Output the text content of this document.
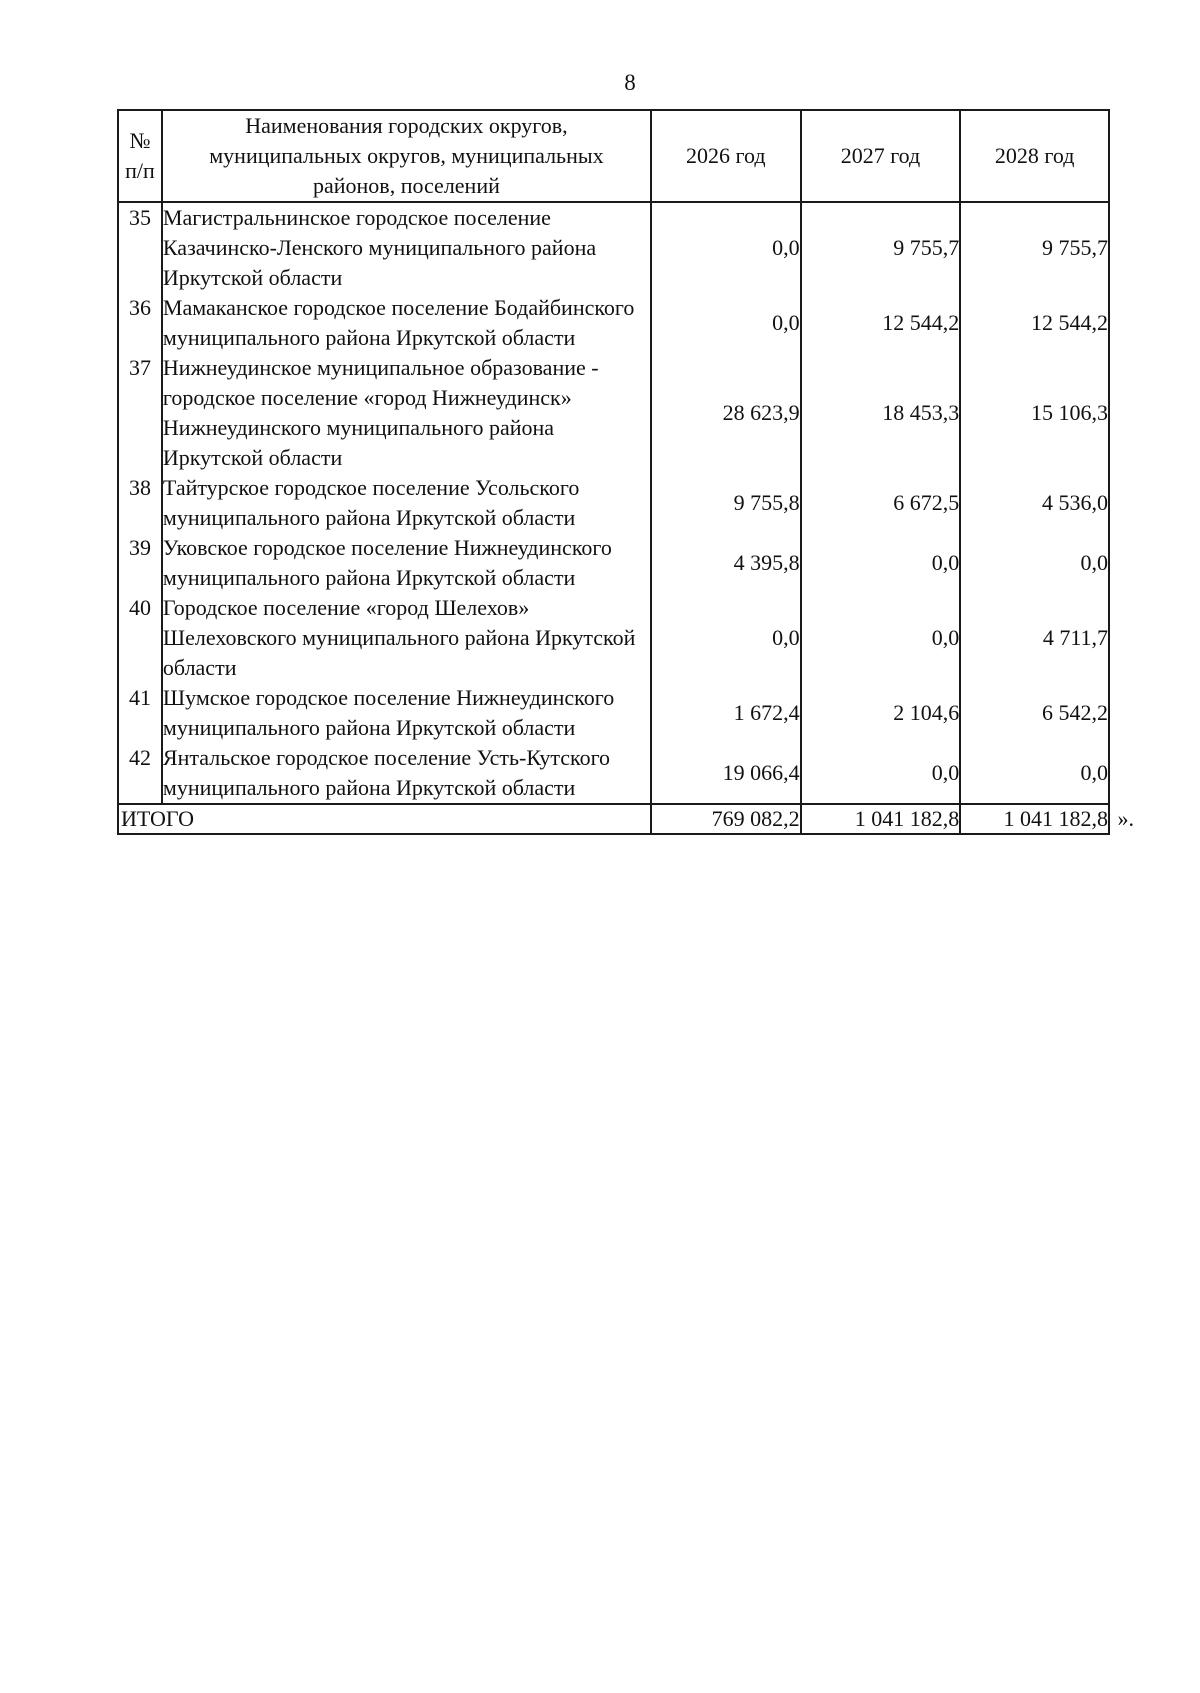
8
№ п/п	Наименования городских округов, муниципальных округов, муниципальных районов, поселений	2026 год	2027 год	2028 год
35	Магистральнинское городское поселение Казачинско-Ленского муниципального района Иркутской области	0,0	9 755,7	9 755,7
36	Мамаканское городское поселение Бодайбинского муниципального района Иркутской области	0,0	12 544,2	12 544,2
37	Нижнеудинское муниципальное образование - городское поселение «город Нижнеудинск» Нижнеудинского муниципального района Иркутской области	28 623,9	18 453,3	15 106,3
38	Тайтурское городское поселение Усольского муниципального района Иркутской области	9 755,8	6 672,5	4 536,0
39	Уковское городское поселение Нижнеудинского муниципального района Иркутской области	4 395,8	0,0	0,0
40	Городское поселение «город Шелехов» Шелеховского муниципального района Иркутской области	0,0	0,0	4 711,7
41	Шумское городское поселение Нижнеудинского муниципального района Иркутской области	1 672,4	2 104,6	6 542,2
42	Янтальское городское поселение Усть-Кутского муниципального района Иркутской области	19 066,4	0,0	0,0
ИТОГО		769 082,2	1 041 182,8	1 041 182,8 ».
